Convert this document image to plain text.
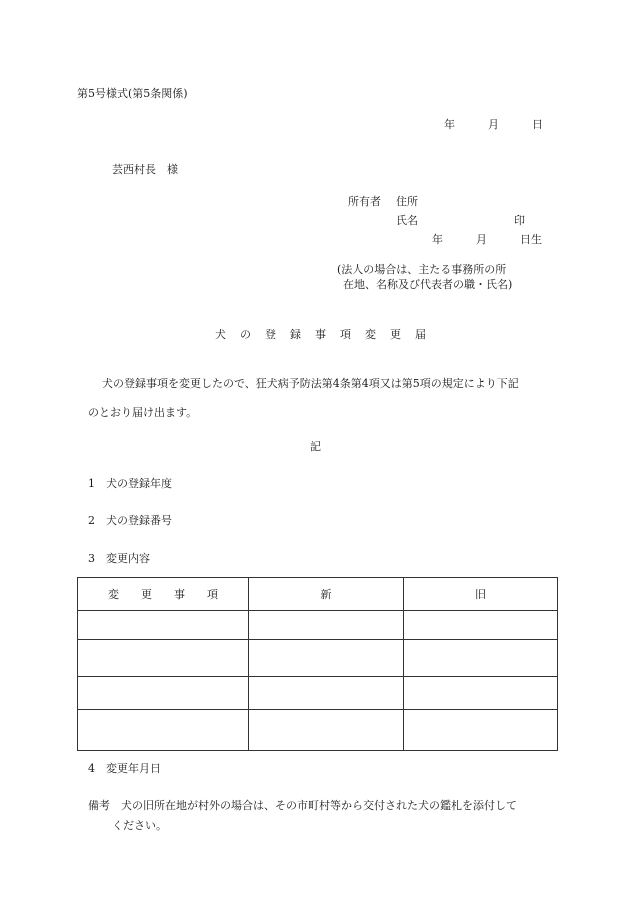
第5号様式(第5条関係)
年	月	日
芸西村長　様
所有者 住所
氏名	印
年	月	日生
(法人の場合は、主たる事務所の所
在地、名称及び代表者の職・氏名)
犬の登録事項変更届
犬の登録事項を変更したので、狂犬病予防法第4条第4項又は第5項の規定により下記
のとおり届け出ます。
記
1　犬の登録年度
2　犬の登録番号
3　変更内容
変　　更　　事　　項	新	旧

4　変更年月日
備考　犬の旧所在地が村外の場合は、その市町村等から交付された犬の鑑札を添付して
ください。
